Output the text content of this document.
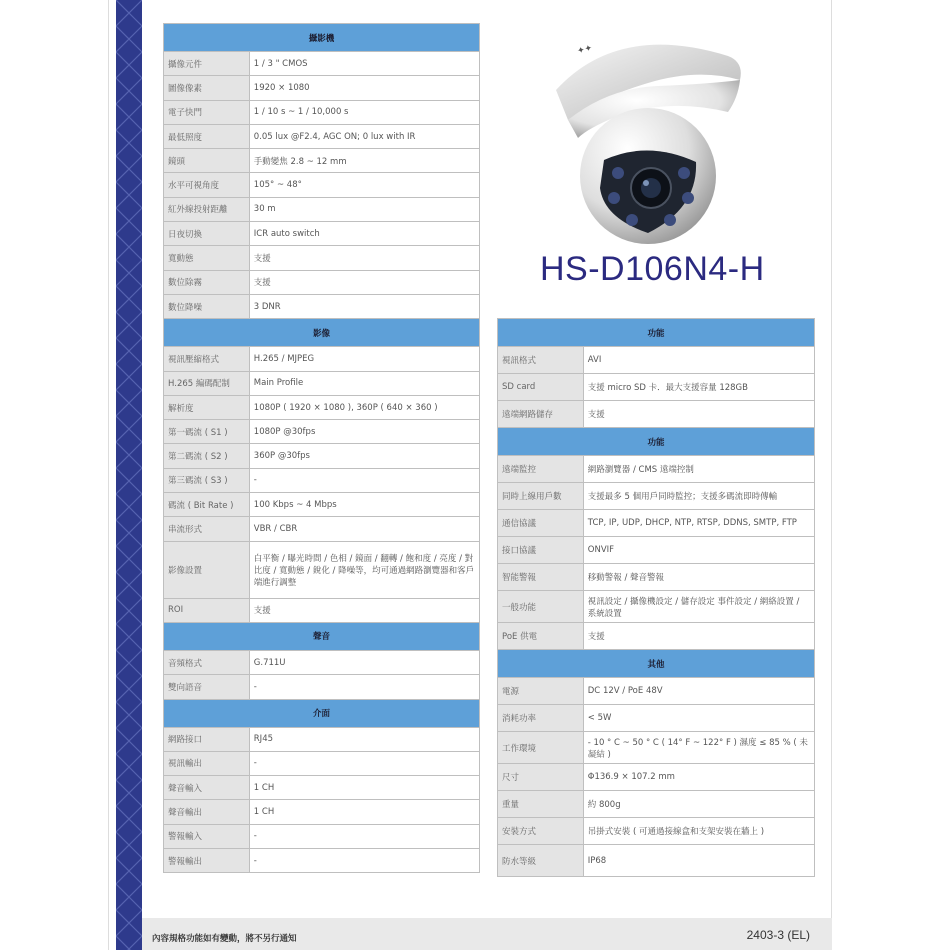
攝影機	
攝像元件	1 / 3 " CMOS
圖像像素	1920 × 1080
電子快門	1 / 10 s ~ 1 / 10,000 s
最低照度	0.05 lux @F2.4, AGC ON; 0 lux with IR
鏡頭	手動變焦 2.8 ~ 12 mm
水平可視角度	105° ~ 48°
紅外線投射距離	30 m
日夜切換	ICR auto switch
寬動態	支援
數位除霧	支援
數位降噪	3 DNR
影像	
視訊壓縮格式	H.265 / MJPEG
H.265 編碼配制	Main Profile
解析度	1080P ( 1920 × 1080 ), 360P ( 640 × 360 )
第一碼流 ( S1 )	1080P @30fps
第二碼流 ( S2 )	360P @30fps
第三碼流 ( S3 )	-
碼流 ( Bit Rate )	100 Kbps ~ 4 Mbps
串流形式	VBR / CBR
影像設置	白平衡 / 曝光時間 / 色相 / 鏡面 / 翻轉 / 飽和度 / 亮度 / 對比度 / 寬動態 / 銳化 / 降噪等，均可通過網路瀏覽器和客戶端進行調整
ROI	支援
聲音	
音頻格式	G.711U
雙向語音	-
介面	
網路接口	RJ45
視訊輸出	-
聲音輸入	1 CH
聲音輸出	1 CH
警報輸入	-
警報輸出	-
✦✦
HS-D106N4-H
功能	
視訊格式	AVI
SD card	支援 micro SD 卡．最大支援容量 128GB
遠端網路儲存	支援
功能	
遠端監控	網路瀏覽器 / CMS 遠端控制
同時上線用戶數	支援最多 5 個用戶同時監控；支援多碼流即時傳輸
通信協議	TCP, IP, UDP, DHCP, NTP, RTSP, DDNS, SMTP, FTP
接口協議	ONVIF
智能警報	移動警報 / 聲音警報
一般功能	視訊設定 / 攝像機設定 / 儲存設定 事件設定 / 網絡設置 / 系統設置
PoE 供電	支援
其他	
電源	DC 12V / PoE 48V
消耗功率	< 5W
工作環境	- 10 ° C ~ 50 ° C ( 14° F ~ 122° F ) 濕度 ≤ 85 % ( 未凝結 )
尺寸	Φ136.9 × 107.2 mm
重量	約 800g
安裝方式	吊掛式安裝 ( 可通過接線盒和支架安裝在牆上 )
防水等級	IP68
內容規格功能如有變動，將不另行通知	2403-3 (EL)
